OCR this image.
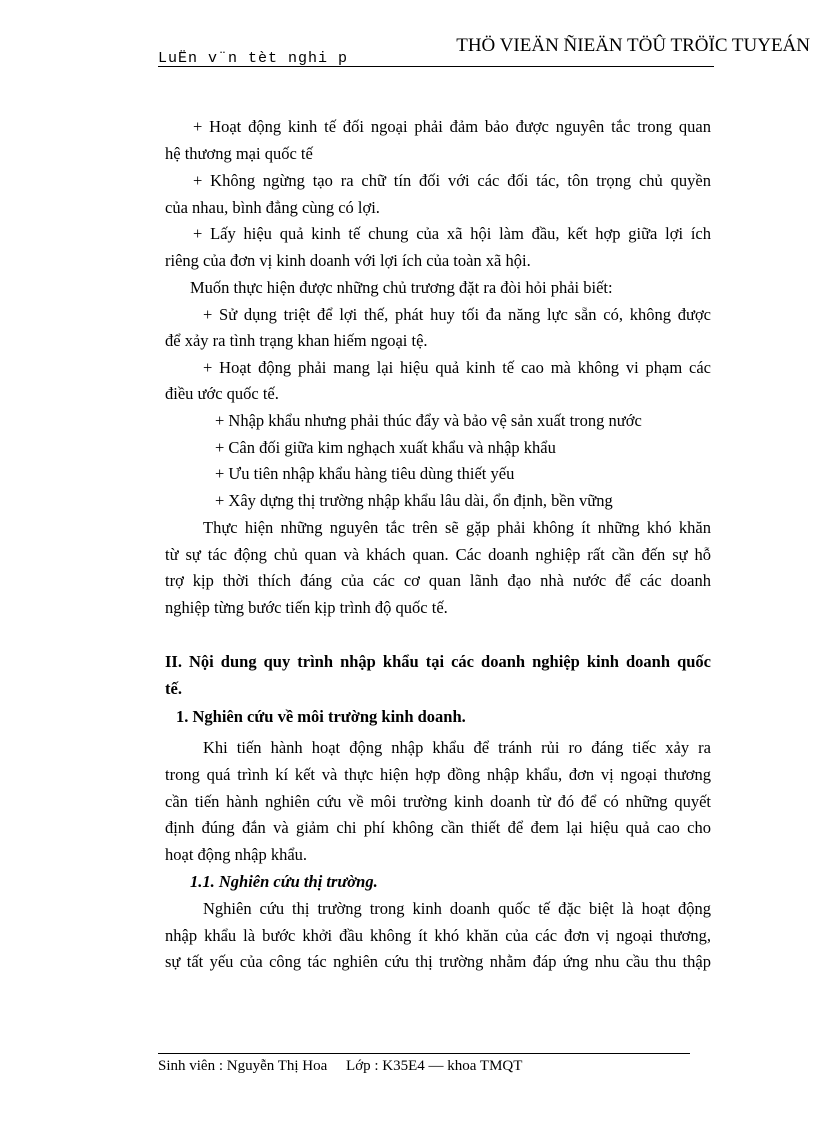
LuËn v¨n tèt nghi p
THÖ VIEÄN ÑIEÄN TÖÛ TRÖÏC TUYEÁN
+ Hoạt động kinh tế đối ngoại phải đảm bảo được nguyên tắc trong quan
hệ thương mại quốc tế
+ Không ngừng tạo ra chữ tín đối với các đối tác, tôn trọng chủ quyền
của nhau, bình đẳng cùng có lợi.
+ Lấy hiệu quả kinh tế chung của xã hội làm đầu, kết hợp giữa lợi ích
riêng của đơn vị kinh doanh với lợi ích của toàn xã hội.
Muốn thực hiện được những chủ trương đặt ra đòi hỏi phải biết:
+ Sử dụng triệt để lợi thế, phát huy tối đa năng lực sẵn có, không được
để xảy ra tình trạng khan hiếm ngoại tệ.
+ Hoạt động phải mang lại hiệu quả kinh tế cao mà không vi phạm các
điều ước quốc tế.
+ Nhập khẩu nhưng phải thúc đẩy và bảo vệ sản xuất trong nước
+ Cân đối giữa kim nghạch xuất khẩu và nhập khẩu
+ Ưu tiên nhập khẩu hàng tiêu dùng thiết yếu
+ Xây dựng thị trường nhập khẩu lâu dài, ổn định, bền vững
Thực hiện những nguyên tắc trên sẽ gặp phải không ít những khó khăn
từ sự tác động chủ quan và khách quan. Các doanh nghiệp rất cần đến sự hỗ
trợ kịp thời thích đáng của các cơ quan lãnh đạo nhà nước để các doanh
nghiệp từng bước tiến kịp trình độ quốc tế.
II. Nội dung quy trình nhập khẩu tại các doanh nghiệp kinh doanh quốc
tế.
1. Nghiên cứu về môi trường kinh doanh.
Khi tiến hành hoạt động nhập khẩu để tránh rủi ro đáng tiếc xảy ra
trong quá trình kí kết và thực hiện hợp đồng nhập khẩu, đơn vị ngoại thương
cần tiến hành nghiên cứu về môi trường kinh doanh từ đó để có những quyết
định đúng đắn và giảm chi phí không cần thiết để đem lại hiệu quả cao cho
hoạt động nhập khẩu.
1.1. Nghiên cứu thị trường.
Nghiên cứu thị trường trong kinh doanh quốc tế đặc biệt là hoạt động
nhập khẩu là bước khởi đầu không ít khó khăn của các đơn vị ngoại thương,
sự tất yếu của công tác nghiên cứu thị trường nhằm đáp ứng nhu cầu thu thập
Sinh viên : Nguyễn Thị Hoa     Lớp : K35E4 — khoa TMQT
